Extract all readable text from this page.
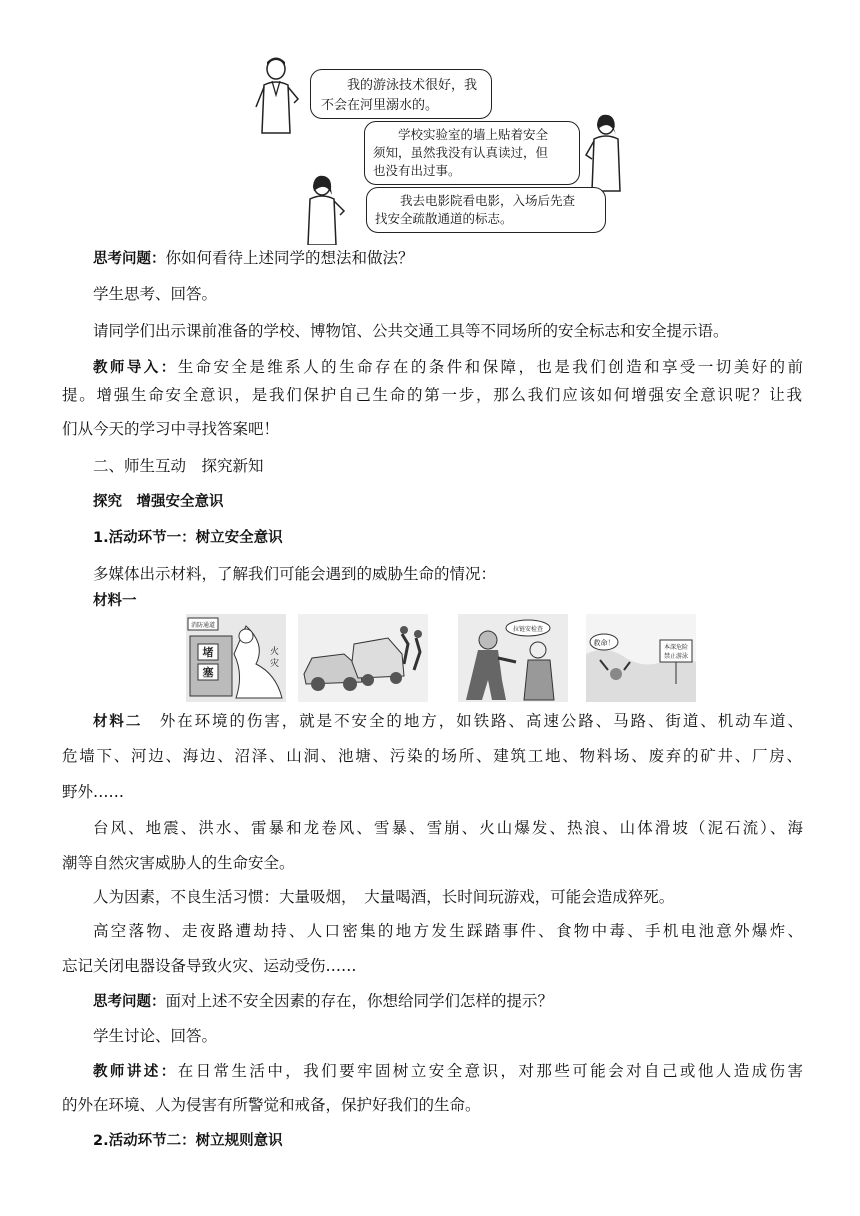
我的游泳技术很好，我

不会在河里溺水的。

学校实验室的墙上贴着安全

须知，虽然我没有认真读过，但

也没有出过事。

我去电影院看电影，入场后先查

找安全疏散通道的标志。

思考问题：你如何看待上述同学的想法和做法？
学生思考、回答。
请同学们出示课前准备的学校、博物馆、公共交通工具等不同场所的安全标志和安全提示语。
教师导入：生命安全是维系人的生命存在的条件和保障，也是我们创造和享受一切美好的前
提。增强生命安全意识，是我们保护自己生命的第一步，那么我们应该如何增强安全意识呢？让我
们从今天的学习中寻找答案吧！
二、师生互动　探究新知
探究　增强安全意识
1.活动环节一：树立安全意识
多媒体出示材料，了解我们可能会遇到的威胁生命的情况：
材料一
消防通道
堵
塞
火
灾
拉链安检查
救命！
本深危险
禁止游泳
材料二　外在环境的伤害，就是不安全的地方，如铁路、高速公路、马路、街道、机动车道、
危墙下、河边、海边、沼泽、山洞、池塘、污染的场所、建筑工地、物料场、废弃的矿井、厂房、
野外……
台风、地震、洪水、雷暴和龙卷风、雪暴、雪崩、火山爆发、热浪、山体滑坡（泥石流）、海
潮等自然灾害威胁人的生命安全。
人为因素，不良生活习惯：大量吸烟，　大量喝酒，长时间玩游戏，可能会造成猝死。
高空落物、走夜路遭劫持、人口密集的地方发生踩踏事件、食物中毒、手机电池意外爆炸、
忘记关闭电器设备导致火灾、运动受伤……
思考问题：面对上述不安全因素的存在，你想给同学们怎样的提示？
学生讨论、回答。
教师讲述：在日常生活中，我们要牢固树立安全意识，对那些可能会对自己或他人造成伤害
的外在环境、人为侵害有所警觉和戒备，保护好我们的生命。
2.活动环节二：树立规则意识
